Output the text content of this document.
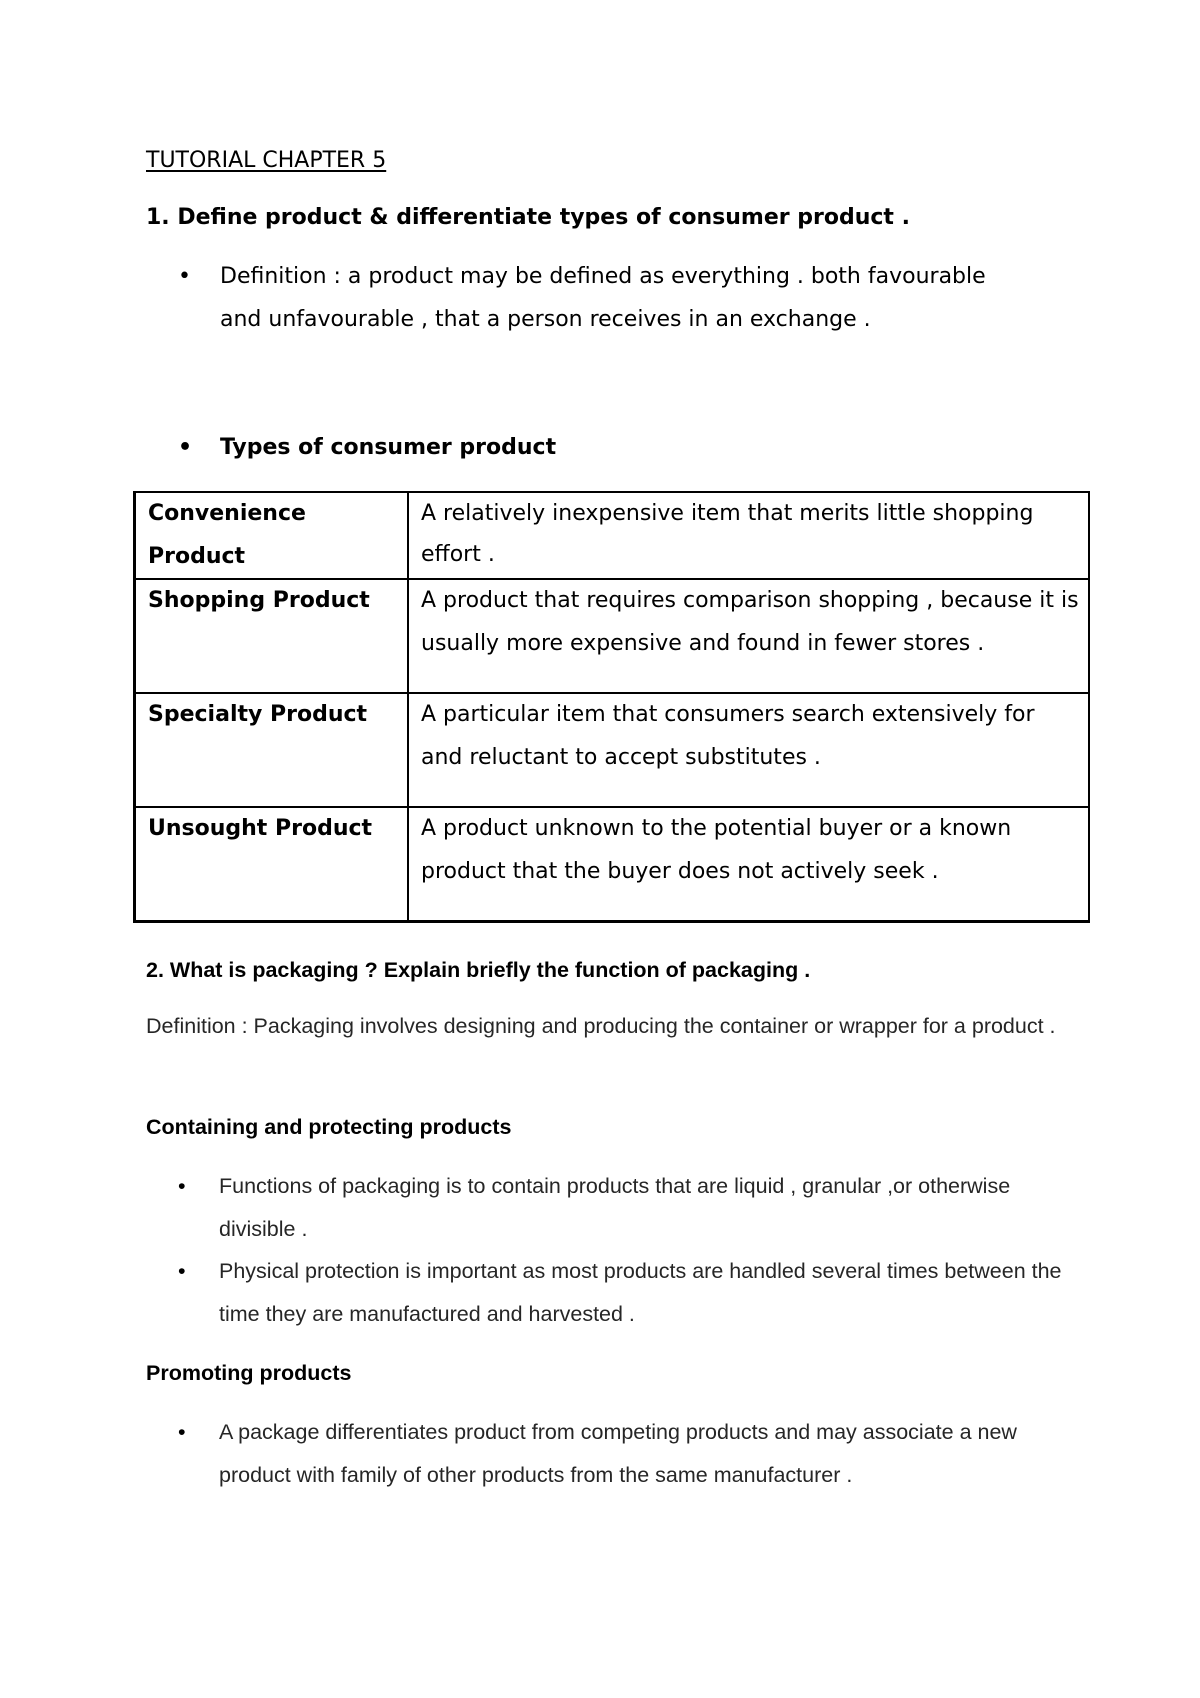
TUTORIAL CHAPTER 5

1. Define product & differentiate types of consumer product .

•	Definition : a product may be defined as everything . both favourable and unfavourable , that a person receives in an exchange .
•	Types of consumer product
Convenience Product	A relatively inexpensive item that merits little shopping effort .
Shopping Product	A product that requires comparison shopping , because it is usually more expensive and found in fewer stores .
Specialty Product	A particular item that consumers search extensively for and reluctant to accept substitutes .
Unsought Product	A product unknown to the potential buyer or a known product that the buyer does not actively seek .

2. What is packaging ? Explain briefly the function of packaging .

Definition : Packaging involves designing and producing the container or wrapper for a product .

Containing and protecting products

• Functions of packaging is to contain products that are liquid , granular ,or otherwise divisible .
• Physical protection is important as most products are handled several times between the time they are manufactured and harvested .

Promoting products

• A package differentiates product from competing products and may associate a new product with family of other products from the same manufacturer .
